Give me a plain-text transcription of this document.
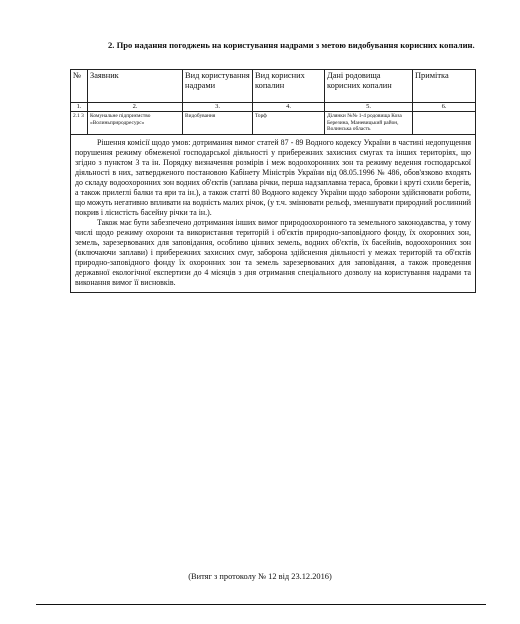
2. Про надання погоджень на користування надрами з метою видобування корисних копалин.
№	Заявник	Вид користування надрами	Вид корисних копалин	Дані родовища корисних копалин	Примітка
1.	2.	3.	4.	5.	6.
2.1 3	Комунальне підприємство «Волиньприродресурс»	Видобування	Торф	Ділянки №№ 1-4 родовища Коза Березина, Маневицький район, Волинська область	

Рішення комісії щодо умов: дотримання вимог статей 87 - 89 Водного кодексу України в частині недопущення порушення режиму обмеженої господарської діяльності у прибережних захисних смугах та інших територіях, що згідно з пунктом 3 та ін. Порядку визначення розмірів і меж водоохоронних зон та режиму ведення господарської діяльності в них, затвердженого постановою Кабінету Міністрів України від 08.05.1996 № 486, обов'язково входять до складу водоохоронних зон водних об'єктів (заплава річки, перша надзаплавна тераса, бровки і круті схили берегів, а також прилеглі балки та яри та ін.), а також статті 80 Водного кодексу України щодо заборони здійснювати роботи, що можуть негативно впливати на водність малих річок, (у т.ч. змінювати рельєф, зменшувати природний рослинний покрив і лісистість басейну річки та ін.).
Також має бути забезпечено дотримання інших вимог природоохоронного та земельного законодавства, у тому числі щодо режиму охорони та використання територій і об'єктів природно-заповідного фонду, їх охоронних зон, земель, зарезервованих для заповідання, особливо цінних земель, водних об'єктів, їх басейнів, водоохоронних зон (включаючи заплави) і прибережних захисних смуг, заборона здійснення діяльності у межах територій та об'єктів природно-заповідного фонду їх охоронних зон та земель зарезервованих для заповідання, а також проведення державної екологічної експертизи до 4 місяців з дня отримання спеціального дозволу на користування надрами та виконання вимог її висновків.					
(Витяг з протоколу № 12 від 23.12.2016)
